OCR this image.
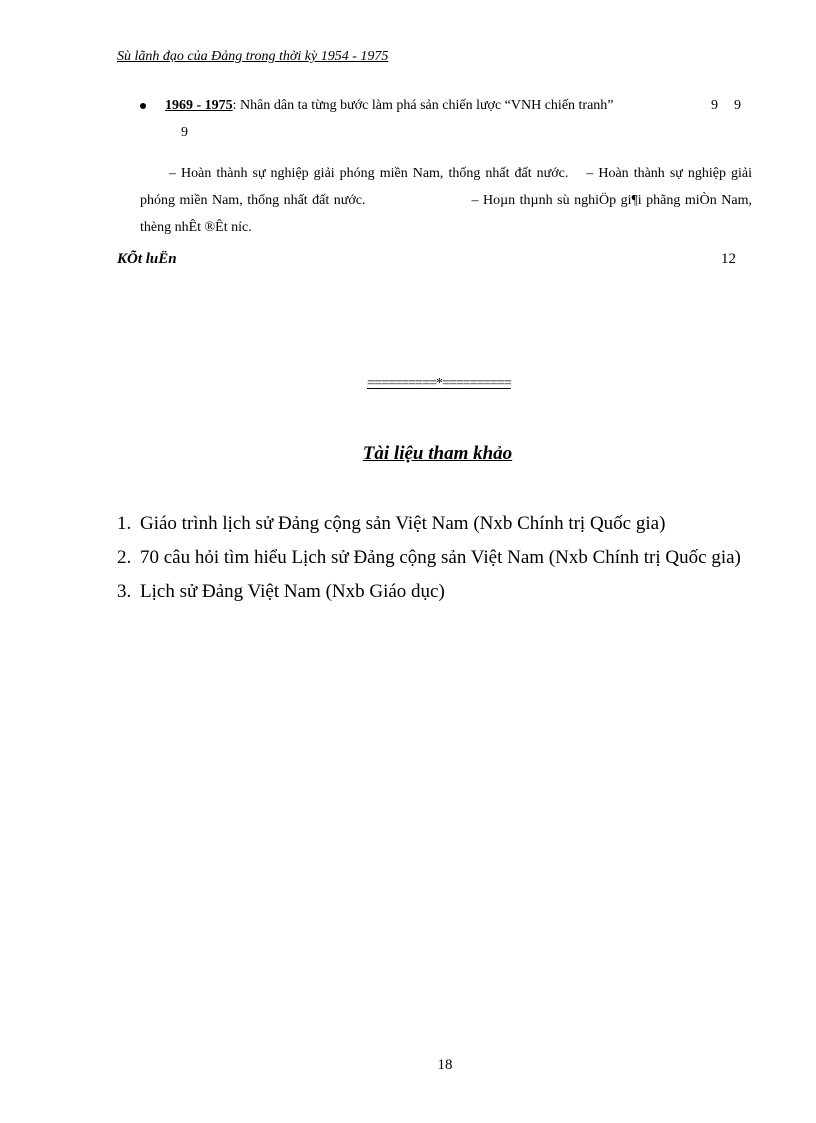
Sù lãnh đạo của Đảng trong thời kỳ 1954 - 1975
1969 - 1975: Nhân dân ta từng bước làm phá sản chiến lược “VNH chiến tranh”	9 9
9
– Hoàn thành sự nghiệp giải phóng miền Nam, thống nhất đất nước. – Hoàn thành sự nghiệp giải phóng miền Nam, thống nhất đất nước.	– Hoµn thµnh sù nghiÖp gi¶i phãng miÒn Nam, thèng nhÊt ®Êt níc.
KÕt luËn	12
==========*==========
Tài liệu tham khảo
1. Giáo trình lịch sử Đảng cộng sản Việt Nam (Nxb Chính trị Quốc gia)
2. 70 câu hỏi tìm hiểu Lịch sử Đảng cộng sản Việt Nam (Nxb Chính trị Quốc gia)
3. Lịch sử Đảng Việt Nam (Nxb Giáo dục)
18
